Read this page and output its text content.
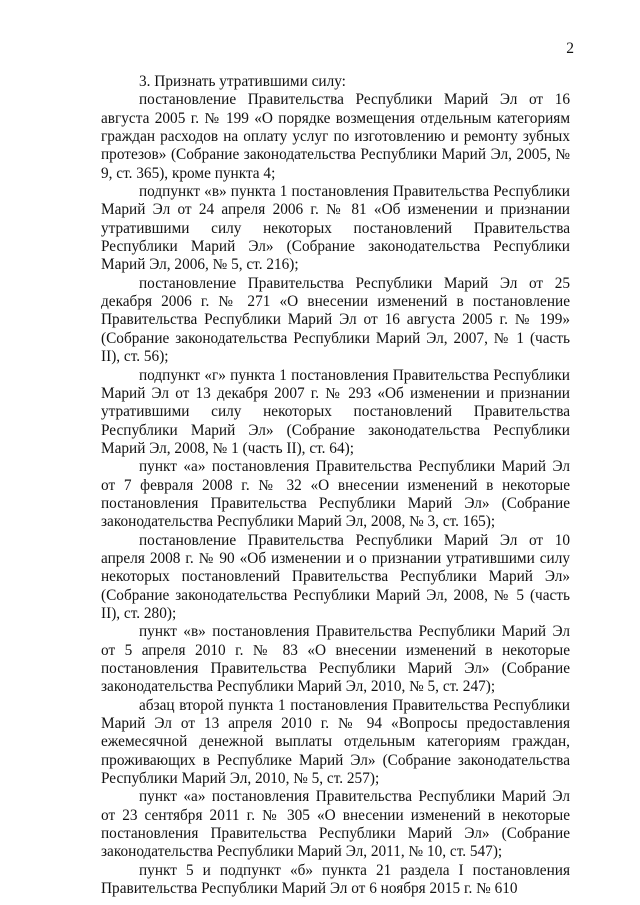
2

3. Признать утратившими силу:

постановление Правительства Республики Марий Эл от 16 августа 2005 г. № 199 «О порядке возмещения отдельным категориям граждан расходов на оплату услуг по изготовлению и ремонту зубных протезов» (Собрание законодательства Республики Марий Эл, 2005, № 9, ст. 365), кроме пункта 4;

подпункт «в» пункта 1 постановления Правительства Республики Марий Эл от 24 апреля 2006 г. № 81 «Об изменении и признании утратившими силу некоторых постановлений Правительства Республики Марий Эл» (Собрание законодательства Республики Марий Эл, 2006, № 5, ст. 216);

постановление Правительства Республики Марий Эл от 25 декабря 2006 г. № 271 «О внесении изменений в постановление Правительства Республики Марий Эл от 16 августа 2005 г. № 199» (Собрание законодательства Республики Марий Эл, 2007, № 1 (часть II), ст. 56);

подпункт «г» пункта 1 постановления Правительства Республики Марий Эл от 13 декабря 2007 г. № 293 «Об изменении и признании утратившими силу некоторых постановлений Правительства Республики Марий Эл» (Собрание законодательства Республики Марий Эл, 2008, № 1 (часть II), ст. 64);

пункт «а» постановления Правительства Республики Марий Эл от 7 февраля 2008 г. № 32 «О внесении изменений в некоторые постановления Правительства Республики Марий Эл» (Собрание законодательства Республики Марий Эл, 2008, № 3, ст. 165);

постановление Правительства Республики Марий Эл от 10 апреля 2008 г. № 90 «Об изменении и о признании утратившими силу некоторых постановлений Правительства Республики Марий Эл» (Собрание законодательства Республики Марий Эл, 2008, № 5 (часть II), ст. 280);

пункт «в» постановления Правительства Республики Марий Эл от 5 апреля 2010 г. № 83 «О внесении изменений в некоторые постановления Правительства Республики Марий Эл» (Собрание законодательства Республики Марий Эл, 2010, № 5, ст. 247);

абзац второй пункта 1 постановления Правительства Республики Марий Эл от 13 апреля 2010 г. № 94 «Вопросы предоставления ежемесячной денежной выплаты отдельным категориям граждан, проживающих в Республике Марий Эл» (Собрание законодательства Республики Марий Эл, 2010, № 5, ст. 257);

пункт «а» постановления Правительства Республики Марий Эл от 23 сентября 2011 г. № 305 «О внесении изменений в некоторые постановления Правительства Республики Марий Эл» (Собрание законодательства Республики Марий Эл, 2011, № 10, ст. 547);

пункт 5 и подпункт «б» пункта 21 раздела I постановления Правительства Республики Марий Эл от 6 ноября 2015 г. № 610
